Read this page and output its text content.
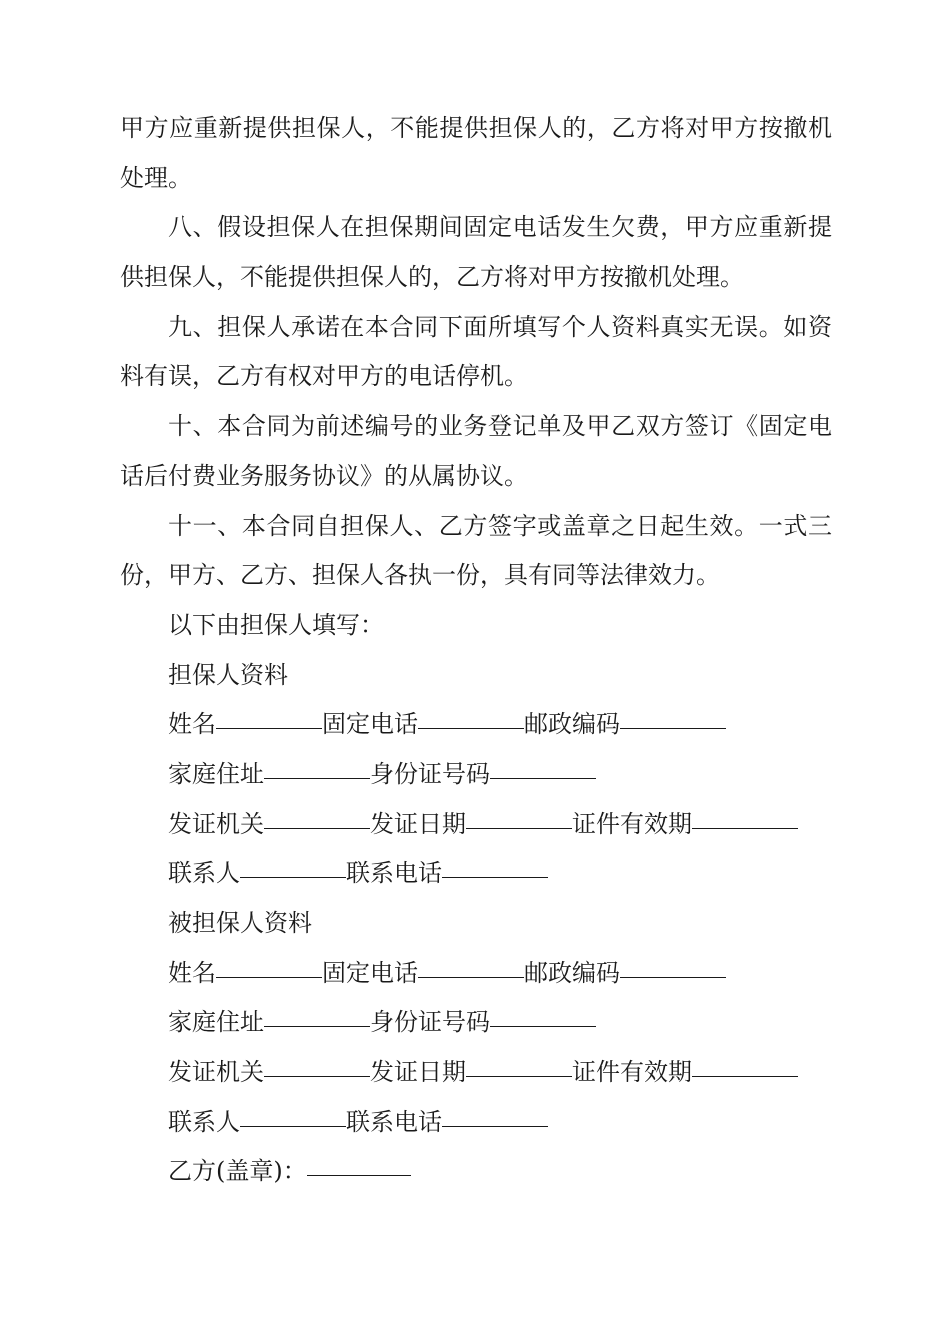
甲方应重新提供担保人，不能提供担保人的，乙方将对甲方按撤机
处理。
八、假设担保人在担保期间固定电话发生欠费，甲方应重新提
供担保人，不能提供担保人的，乙方将对甲方按撤机处理。
九、担保人承诺在本合同下面所填写个人资料真实无误。如资
料有误，乙方有权对甲方的电话停机。
十、本合同为前述编号的业务登记单及甲乙双方签订《固定电
话后付费业务服务协议》的从属协议。
十一、本合同自担保人、乙方签字或盖章之日起生效。一式三
份，甲方、乙方、担保人各执一份，具有同等法律效力。
以下由担保人填写：
担保人资料
姓名	固定电话	邮政编码
家庭住址	身份证号码
发证机关	发证日期	证件有效期
联系人	联系电话
被担保人资料
姓名	固定电话	邮政编码
家庭住址	身份证号码
发证机关	发证日期	证件有效期
联系人	联系电话
乙方(盖章)：
